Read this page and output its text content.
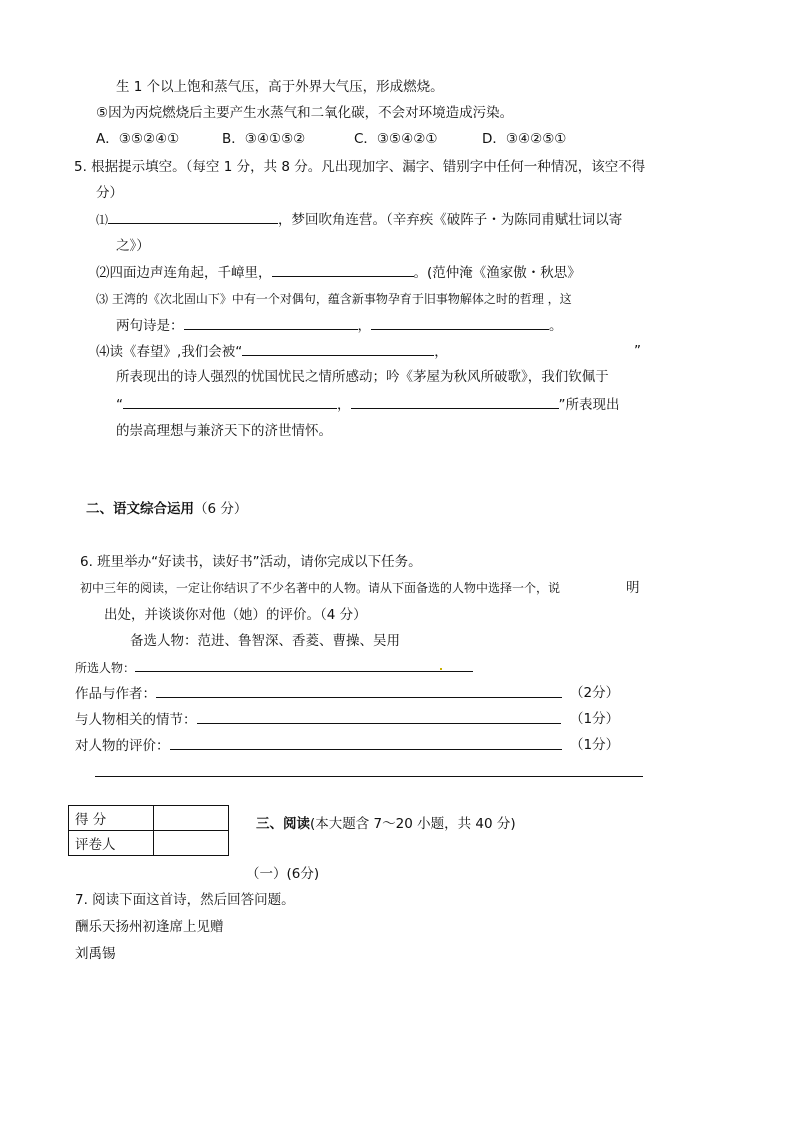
生 1 个以上饱和蒸气压，高于外界大气压，形成燃烧。
⑤因为丙烷燃烧后主要产生水蒸气和二氧化碳，不会对环境造成污染。
A．③⑤②④①	B．③④①⑤②	C．③⑤④②①	D．③④②⑤①
5. 根据提示填空。（每空 1 分，共 8 分。凡出现加字、漏字、错别字中任何一种情况，该空不得
分）
⑴	，梦回吹角连营。（辛弃疾《破阵子・为陈同甫赋壮词以寄
之》）
⑵四面边声连角起，千嶂里，	。(范仲淹《渔家傲・秋思》
⑶ 王湾的《次北固山下》中有一个对偶句，蕴含新事物孕育于旧事物解体之时的哲理 ，这
两句诗是：	，	。
⑷读《春望》,我们会被“	，	”
所表现出的诗人强烈的忧国忧民之情所感动；吟《茅屋为秋风所破歌》，我们钦佩于
“	，	”所表现出
的崇高理想与兼济天下的济世情怀。
二、语文综合运用（6 分）
6. 班里举办“好读书，读好书”活动，请你完成以下任务。
初中三年的阅读，一定让你结识了不少名著中的人物。请从下面备选的人物中选择一个，说	明
出处，并谈谈你对他（她）的评价。（4 分）
备选人物：范进、鲁智深、香菱、曹操、吴用
所选人物：
作品与作者：	（2分）
与人物相关的情节：	（1分）
对人物的评价：	（1分）
得 分	
评卷人	
三、阅读(本大题含 7～20 小题，共 40 分)
（一）(6分)
7. 阅读下面这首诗，然后回答问题。
酬乐天扬州初逢席上见赠
刘禹锡
